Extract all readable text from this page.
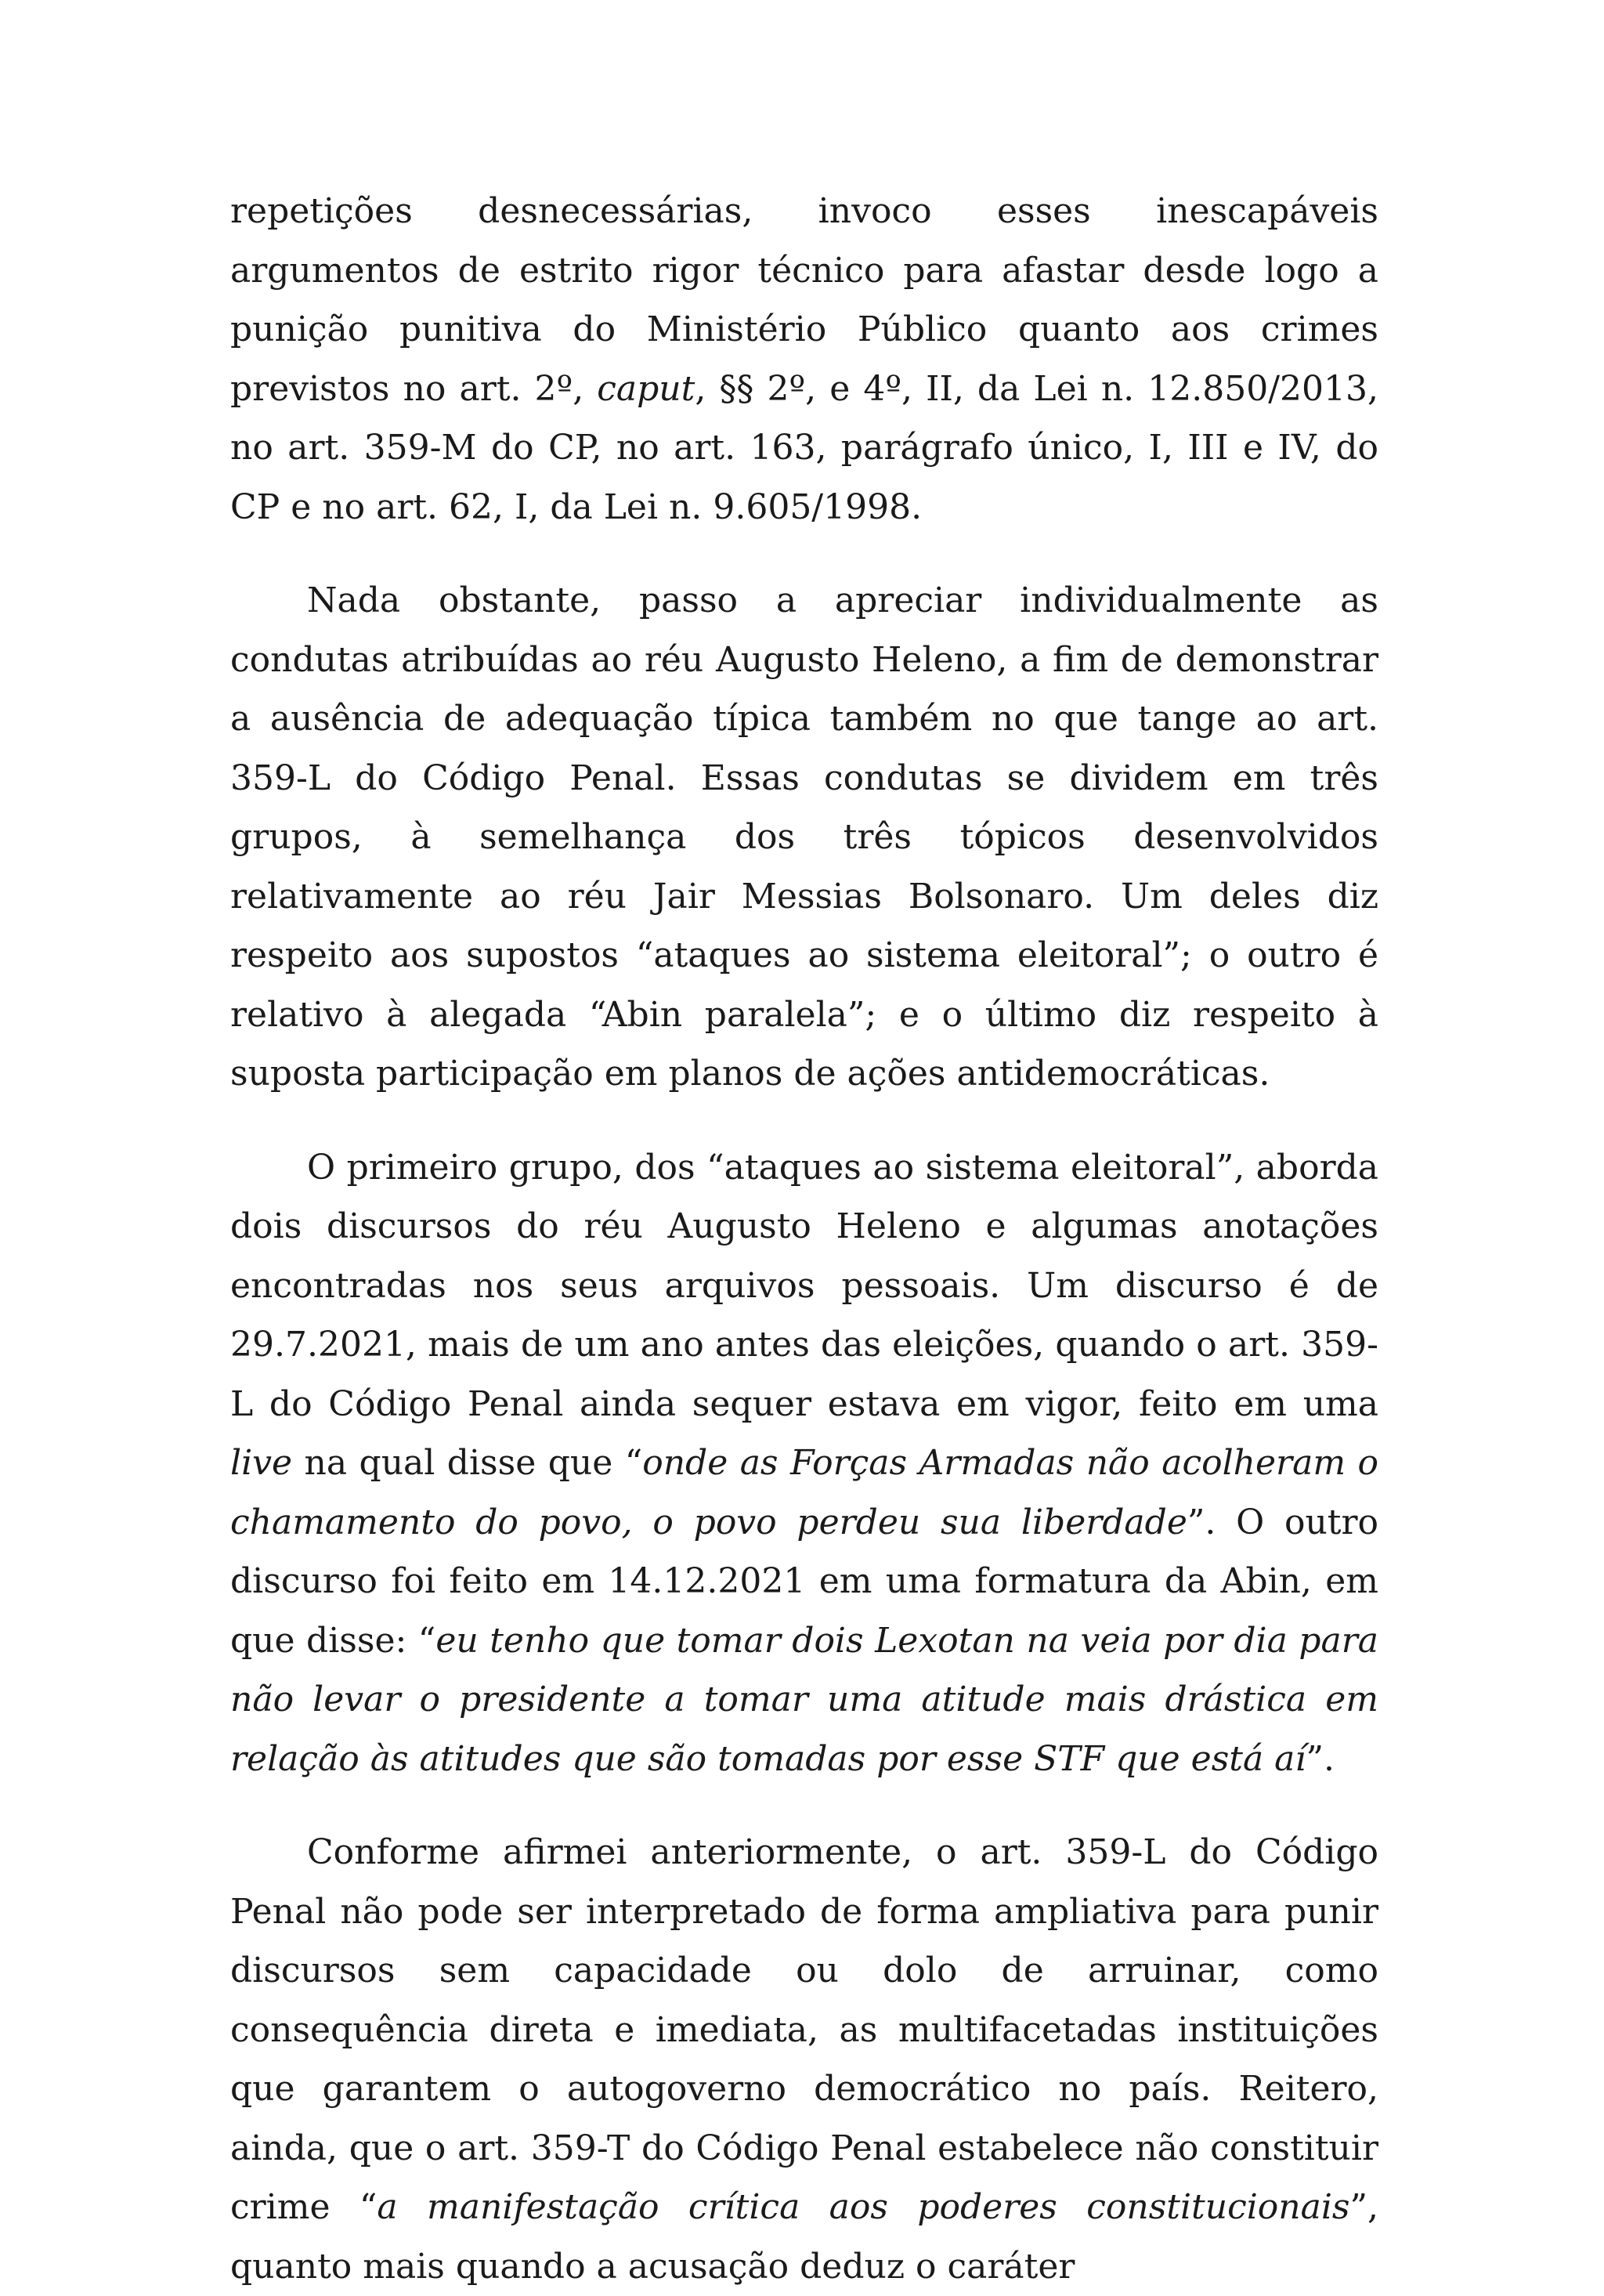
repetições desnecessárias, invoco esses inescapáveis argumentos de estrito rigor técnico para afastar desde logo a punição punitiva do Ministério Público quanto aos crimes previstos no art. 2º, caput, §§ 2º, e 4º, II, da Lei n. 12.850/2013, no art. 359-M do CP, no art. 163, parágrafo único, I, III e IV, do CP e no art. 62, I, da Lei n. 9.605/1998.

Nada obstante, passo a apreciar individualmente as condutas atribuídas ao réu Augusto Heleno, a fim de demonstrar a ausência de adequação típica também no que tange ao art. 359-L do Código Penal. Essas condutas se dividem em três grupos, à semelhança dos três tópicos desenvolvidos relativamente ao réu Jair Messias Bolsonaro. Um deles diz respeito aos supostos “ataques ao sistema eleitoral”; o outro é relativo à alegada “Abin paralela”; e o último diz respeito à suposta participação em planos de ações antidemocráticas.

O primeiro grupo, dos “ataques ao sistema eleitoral”, aborda dois discursos do réu Augusto Heleno e algumas anotações encontradas nos seus arquivos pessoais. Um discurso é de 29.7.2021, mais de um ano antes das eleições, quando o art. 359-L do Código Penal ainda sequer estava em vigor, feito em uma live na qual disse que “onde as Forças Armadas não acolheram o chamamento do povo, o povo perdeu sua liberdade”. O outro discurso foi feito em 14.12.2021 em uma formatura da Abin, em que disse: “eu tenho que tomar dois Lexotan na veia por dia para não levar o presidente a tomar uma atitude mais drástica em relação às atitudes que são tomadas por esse STF que está aí”.

Conforme afirmei anteriormente, o art. 359-L do Código Penal não pode ser interpretado de forma ampliativa para punir discursos sem capacidade ou dolo de arruinar, como consequência direta e imediata, as multifacetadas instituições que garantem o autogoverno democrático no país. Reitero, ainda, que o art. 359-T do Código Penal estabelece não constituir crime “a manifestação crítica aos poderes constitucionais”, quanto mais quando a acusação deduz o caráter
